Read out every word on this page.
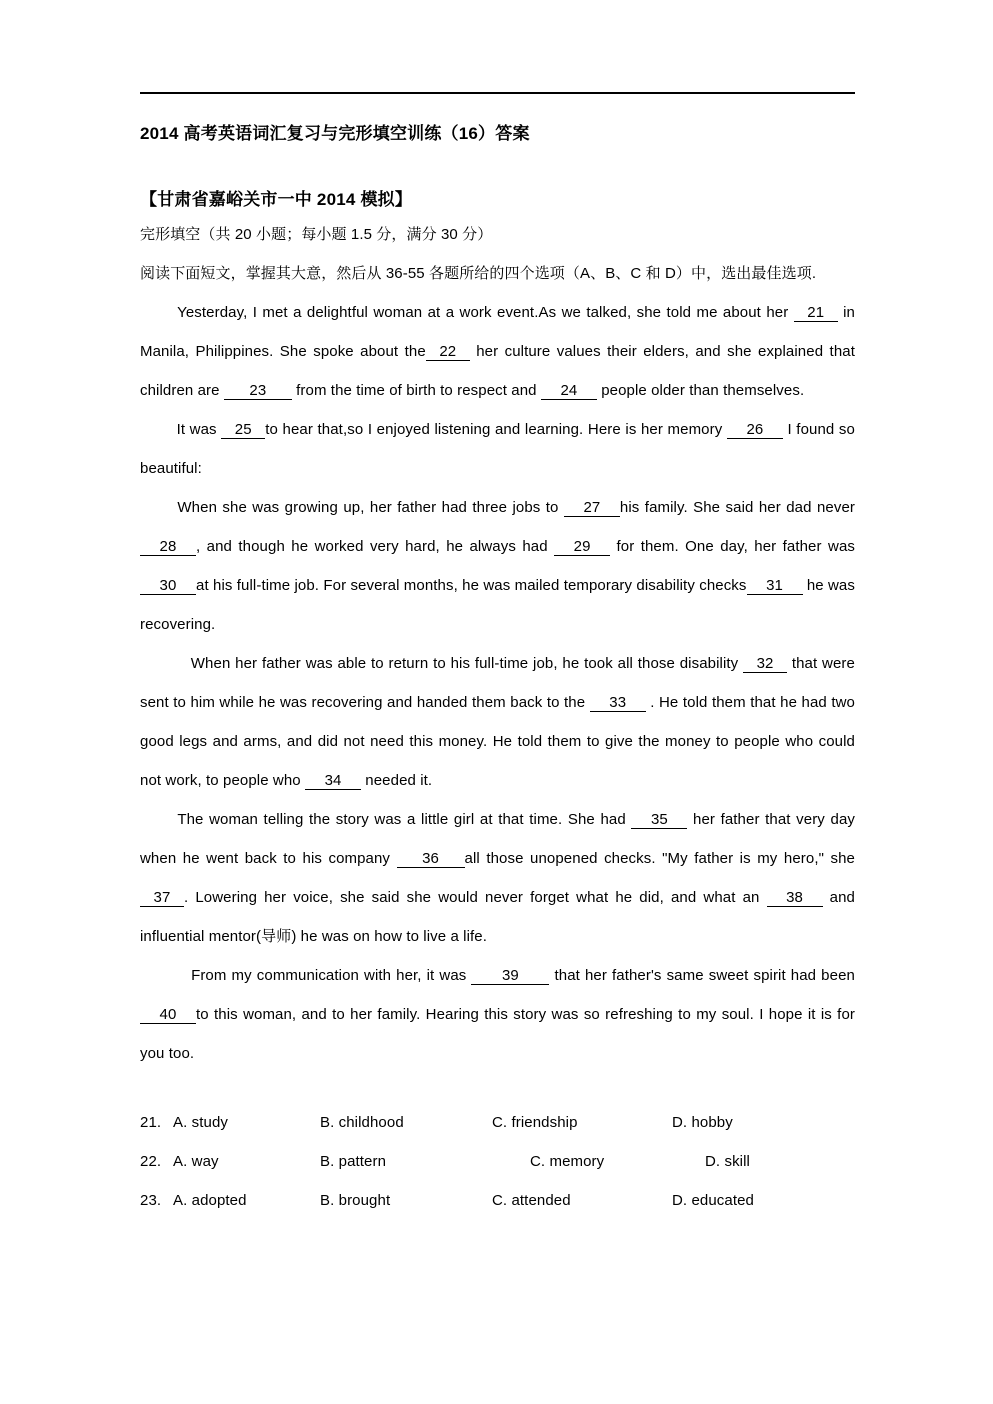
2014 高考英语词汇复习与完形填空训练（16）答案
【甘肃省嘉峪关市一中 2014 模拟】
完形填空（共 20 小题；每小题 1.5 分，满分 30 分）
阅读下面短文，掌握其大意，然后从 36-55 各题所给的四个选项（A、B、C 和 D）中，选出最佳选项.

Yesterday, I met a delightful woman at a work event.As we talked, she told me about her 21 in Manila, Philippines. She spoke about the 22 her culture values their elders, and she explained that children are 23 from the time of birth to respect and 24 people older than themselves.

It was 25 to hear that,so I enjoyed listening and learning. Here is her memory 26 I found so beautiful:

When she was growing up, her father had three jobs to 27 his family. She said her dad never 28 , and though he worked very hard, he always had 29 for them. One day, her father was 30 at his full-time job. For several months, he was mailed temporary disability checks 31 he was recovering.

When her father was able to return to his full-time job, he took all those disability 32 that were sent to him while he was recovering and handed them back to the 33 . He told them that he had two good legs and arms, and did not need this money. He told them to give the money to people who could not work, to people who 34 needed it.

The woman telling the story was a little girl at that time. She had 35 her father that very day when he went back to his company 36 all those unopened checks. "My father is my hero," she 37 . Lowering her voice, she said she would never forget what he did, and what an 38 and influential mentor(导师) he was on how to live a life.

From my communication with her, it was 39 that her father's same sweet spirit had been 40 to this woman, and to her family. Hearing this story was so refreshing to my soul. I hope it is for you too.

21. A. study	B. childhood	C. friendship	D. hobby
22. A. way	B. pattern	C. memory	D. skill
23. A. adopted	B. brought	C. attended	D. educated
